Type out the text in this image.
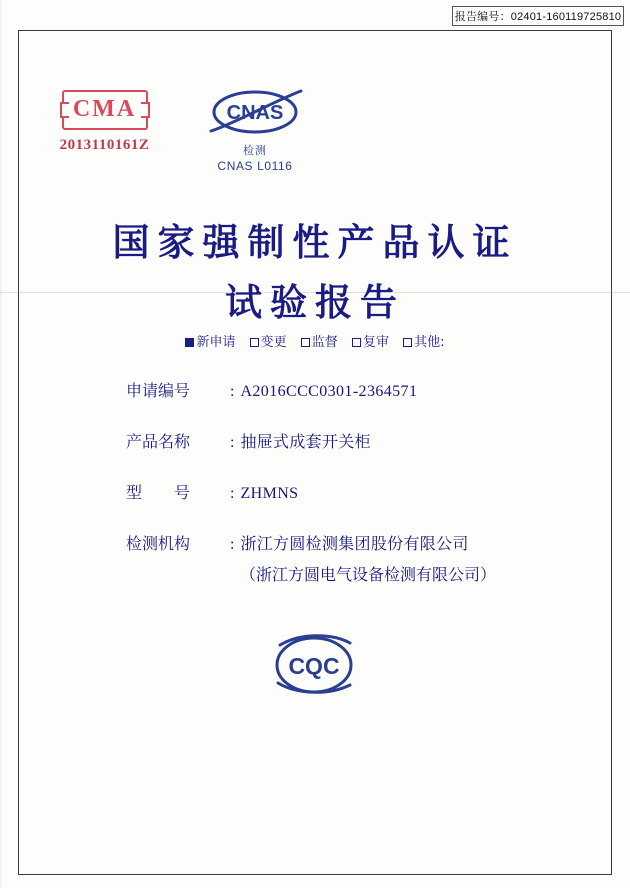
报告编号：02401-160119725810
CMA
2013110161Z
CNAS
检测
CNAS L0116
国家强制性产品认证
试验报告
新申请 变更 监督 复审 其他:
申请编号	: A2016CCC0301-2364571
产品名称	: 抽屉式成套开关柜
型　　号	: ZHMNS
检测机构	: 浙江方圆检测集团股份有限公司
（浙江方圆电气设备检测有限公司）
CQC
